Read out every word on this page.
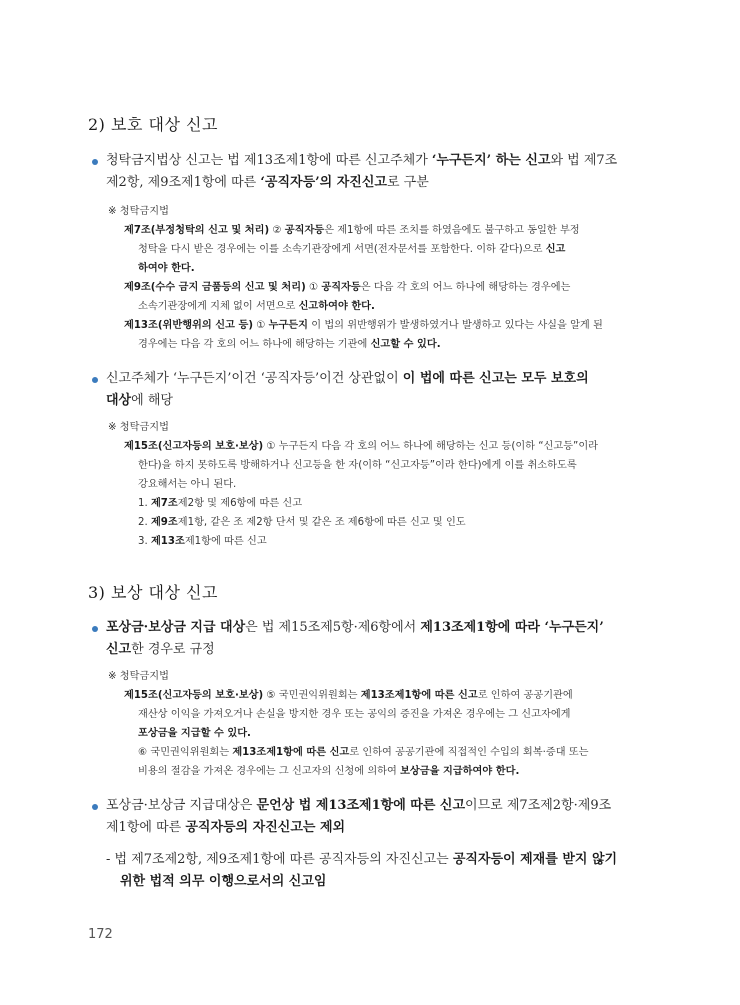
2) 보호 대상 신고
청탁금지법상 신고는 법 제13조제1항에 따른 신고주체가 ‘누구든지’ 하는 신고와 법 제7조
제2항, 제9조제1항에 따른 ‘공직자등’의 자진신고로 구분
※ 청탁금지법
제7조(부정청탁의 신고 및 처리) ② 공직자등은 제1항에 따른 조치를 하였음에도 불구하고 동일한 부정
청탁을 다시 받은 경우에는 이를 소속기관장에게 서면(전자문서를 포함한다. 이하 같다)으로 신고
하여야 한다.
제9조(수수 금지 금품등의 신고 및 처리) ① 공직자등은 다음 각 호의 어느 하나에 해당하는 경우에는
소속기관장에게 지체 없이 서면으로 신고하여야 한다.
제13조(위반행위의 신고 등) ① 누구든지 이 법의 위반행위가 발생하였거나 발생하고 있다는 사실을 알게 된
경우에는 다음 각 호의 어느 하나에 해당하는 기관에 신고할 수 있다.
신고주체가 ‘누구든지’이건 ‘공직자등’이건 상관없이 이 법에 따른 신고는 모두 보호의
대상에 해당
※ 청탁금지법
제15조(신고자등의 보호·보상) ① 누구든지 다음 각 호의 어느 하나에 해당하는 신고 등(이하 “신고등”이라
한다)을 하지 못하도록 방해하거나 신고등을 한 자(이하 “신고자등”이라 한다)에게 이를 취소하도록
강요해서는 아니 된다.
1. 제7조제2항 및 제6항에 따른 신고
2. 제9조제1항, 같은 조 제2항 단서 및 같은 조 제6항에 따른 신고 및 인도
3. 제13조제1항에 따른 신고
3) 보상 대상 신고
포상금·보상금 지급 대상은 법 제15조제5항·제6항에서 제13조제1항에 따라 ‘누구든지’
신고한 경우로 규정
※ 청탁금지법
제15조(신고자등의 보호·보상) ⑤ 국민권익위원회는 제13조제1항에 따른 신고로 인하여 공공기관에
재산상 이익을 가져오거나 손실을 방지한 경우 또는 공익의 증진을 가져온 경우에는 그 신고자에게
포상금을 지급할 수 있다.
⑥ 국민권익위원회는 제13조제1항에 따른 신고로 인하여 공공기관에 직접적인 수입의 회복·증대 또는
비용의 절감을 가져온 경우에는 그 신고자의 신청에 의하여 보상금을 지급하여야 한다.
포상금·보상금 지급대상은 문언상 법 제13조제1항에 따른 신고이므로 제7조제2항·제9조
제1항에 따른 공직자등의 자진신고는 제외
- 법 제7조제2항, 제9조제1항에 따른 공직자등의 자진신고는 공직자등이 제재를 받지 않기
위한 법적 의무 이행으로서의 신고임
172
